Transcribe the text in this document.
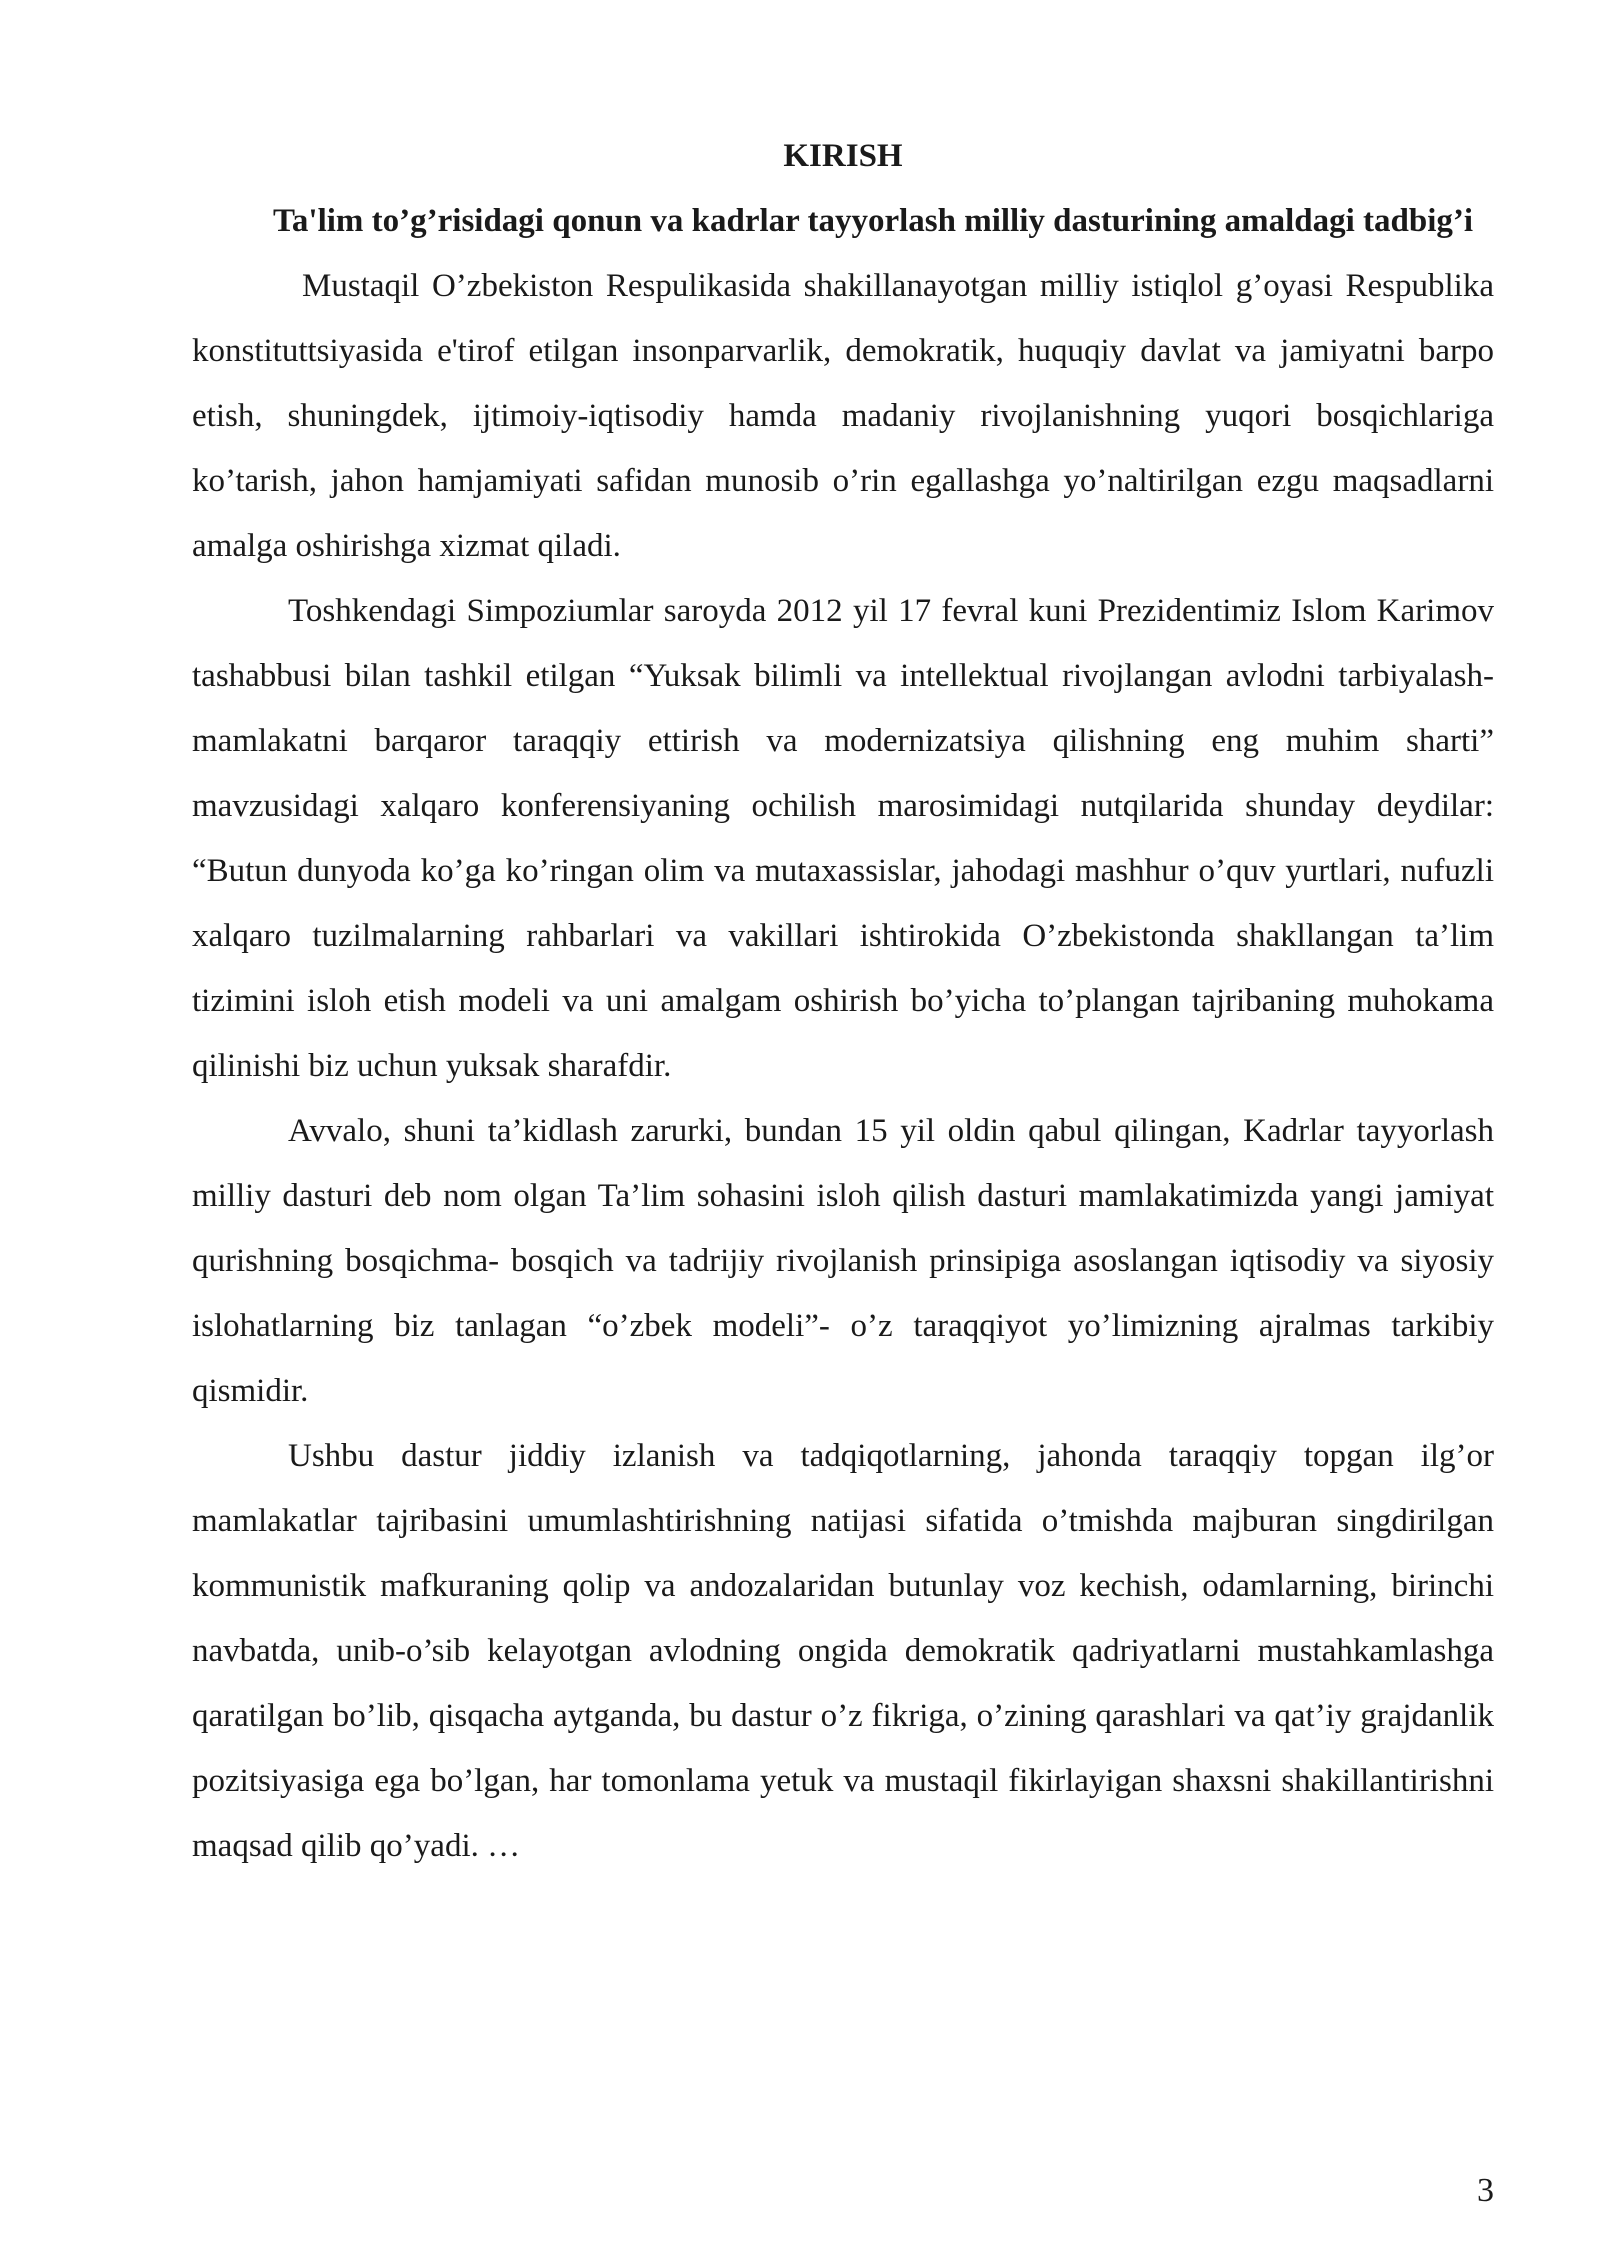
KIRISH
Ta'lim to’g’risidagi qonun va kadrlar tayyorlash milliy dasturining amaldagi tadbig’i

Mustaqil O’zbekiston Respulikasida shakillanayotgan milliy istiqlol g’oyasi Respublika konstituttsiyasida e'tirof etilgan insonparvarlik, demokratik, huquqiy davlat va jamiyatni barpo etish, shuningdek, ijtimoiy-iqtisodiy hamda madaniy rivojlanishning yuqori bosqichlariga ko’tarish, jahon hamjamiyati safidan munosib o’rin egallashga yo’naltirilgan ezgu maqsadlarni amalga oshirishga xizmat qiladi.

Toshkendagi Simpoziumlar saroyda 2012 yil 17 fevral kuni Prezidentimiz Islom Karimov tashabbusi bilan tashkil etilgan “Yuksak bilimli va intellektual rivojlangan avlodni tarbiyalash-mamlakatni barqaror taraqqiy ettirish va modernizatsiya qilishning eng muhim sharti” mavzusidagi xalqaro konferensiyaning ochilish marosimidagi nutqilarida shunday deydilar: “Butun dunyoda ko’ga ko’ringan olim va mutaxassislar, jahodagi mashhur o’quv yurtlari, nufuzli xalqaro tuzilmalarning rahbarlari va vakillari ishtirokida O’zbekistonda shakllangan ta’lim tizimini isloh etish modeli va uni amalgam oshirish bo’yicha to’plangan tajribaning muhokama qilinishi biz uchun yuksak sharafdir.

Avvalo, shuni ta’kidlash zarurki, bundan 15 yil oldin qabul qilingan, Kadrlar tayyorlash milliy dasturi deb nom olgan Ta’lim sohasini isloh qilish dasturi mamlakatimizda yangi jamiyat qurishning bosqichma- bosqich va tadrijiy rivojlanish prinsipiga asoslangan iqtisodiy va siyosiy islohatlarning biz tanlagan “o’zbek modeli”- o’z taraqqiyot yo’limizning ajralmas tarkibiy qismidir.

Ushbu dastur jiddiy izlanish va tadqiqotlarning, jahonda taraqqiy topgan ilg’or mamlakatlar tajribasini umumlashtirishning natijasi sifatida o’tmishda majburan singdirilgan kommunistik mafkuraning qolip va andozalaridan butunlay voz kechish, odamlarning, birinchi navbatda, unib-o’sib kelayotgan avlodning ongida demokratik qadriyatlarni mustahkamlashga qaratilgan bo’lib, qisqacha aytganda, bu dastur o’z fikriga, o’zining qarashlari va qat’iy grajdanlik pozitsiyasiga ega bo’lgan, har tomonlama yetuk va mustaqil fikirlayigan shaxsni shakillantirishni maqsad qilib qo’yadi. …

3
